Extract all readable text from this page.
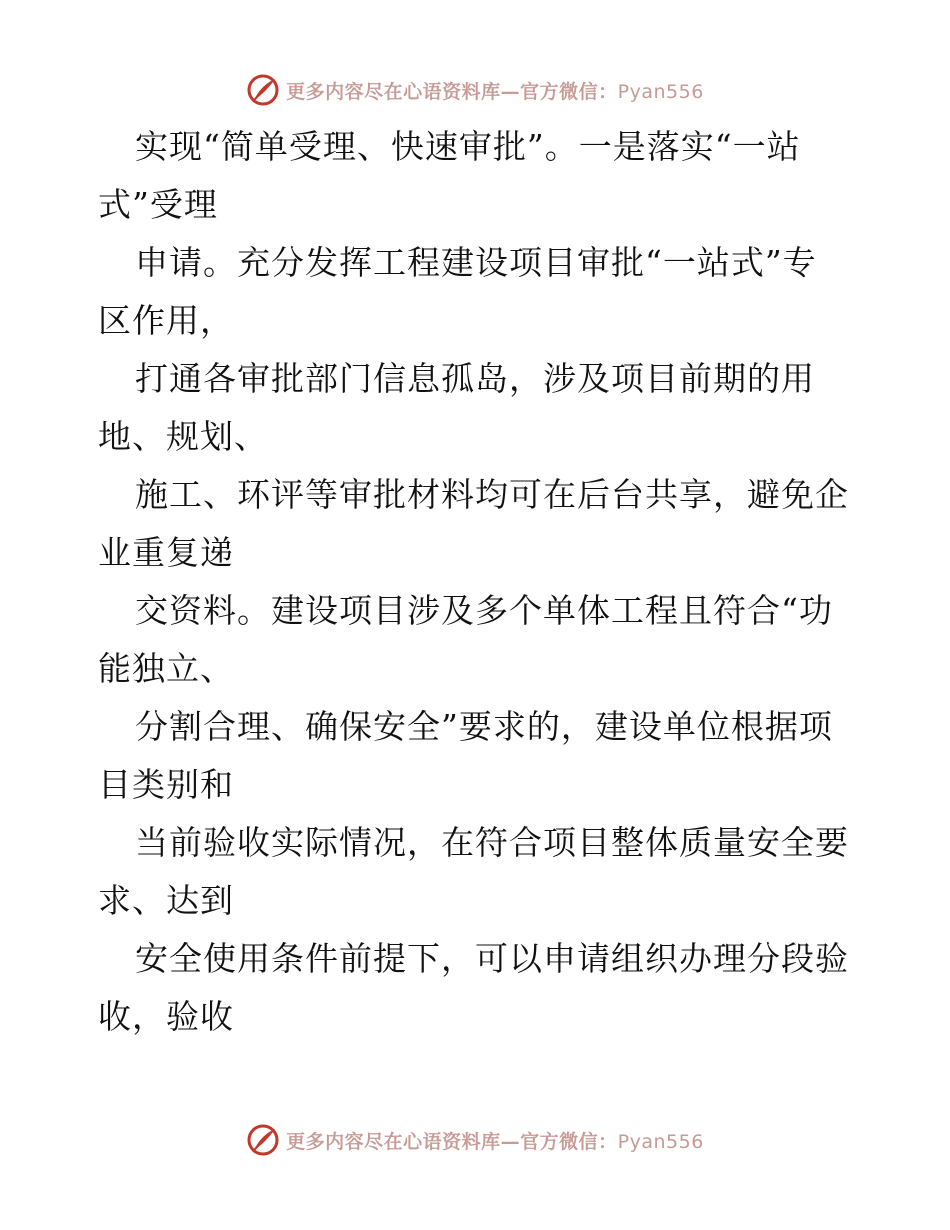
更多内容尽在心语资料库—官方微信：Pyan556
实现“简单受理、快速审批”。一是落实“一站
式”受理
申请。充分发挥工程建设项目审批“一站式”专
区作用，
打通各审批部门信息孤岛，涉及项目前期的用
地、规划、
施工、环评等审批材料均可在后台共享，避免企
业重复递
交资料。建设项目涉及多个单体工程且符合“功
能独立、
分割合理、确保安全”要求的，建设单位根据项
目类别和
当前验收实际情况，在符合项目整体质量安全要
求、达到
安全使用条件前提下，可以申请组织办理分段验
收，验收
更多内容尽在心语资料库—官方微信：Pyan556
